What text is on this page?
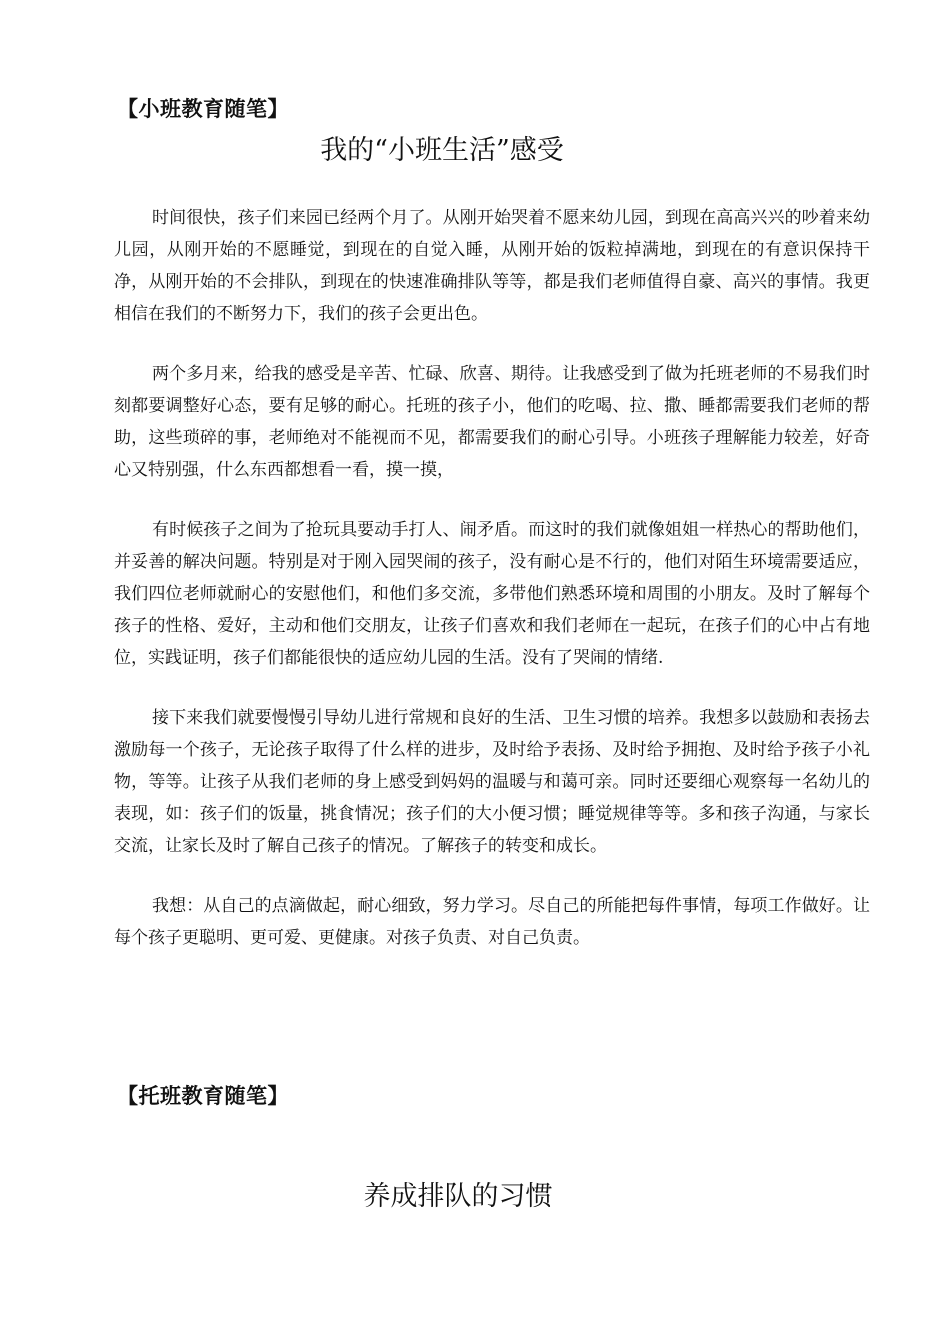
【小班教育随笔】
我的“小班生活”感受

时间很快，孩子们来园已经两个月了。从刚开始哭着不愿来幼儿园，到现在高高兴兴的吵着来幼儿园，从刚开始的不愿睡觉，到现在的自觉入睡，从刚开始的饭粒掉满地，到现在的有意识保持干净，从刚开始的不会排队，到现在的快速准确排队等等，都是我们老师值得自豪、高兴的事情。我更相信在我们的不断努力下，我们的孩子会更出色。

两个多月来，给我的感受是辛苦、忙碌、欣喜、期待。让我感受到了做为托班老师的不易我们时刻都要调整好心态，要有足够的耐心。托班的孩子小，他们的吃喝、拉、撒、睡都需要我们老师的帮助，这些琐碎的事，老师绝对不能视而不见，都需要我们的耐心引导。小班孩子理解能力较差，好奇心又特别强，什么东西都想看一看，摸一摸，

有时候孩子之间为了抢玩具要动手打人、闹矛盾。而这时的我们就像姐姐一样热心的帮助他们，并妥善的解决问题。特别是对于刚入园哭闹的孩子，没有耐心是不行的，他们对陌生环境需要适应，我们四位老师就耐心的安慰他们，和他们多交流，多带他们熟悉环境和周围的小朋友。及时了解每个孩子的性格、爱好，主动和他们交朋友，让孩子们喜欢和我们老师在一起玩，在孩子们的心中占有地位，实践证明，孩子们都能很快的适应幼儿园的生活。没有了哭闹的情绪.

接下来我们就要慢慢引导幼儿进行常规和良好的生活、卫生习惯的培养。我想多以鼓励和表扬去激励每一个孩子，无论孩子取得了什么样的进步，及时给予表扬、及时给予拥抱、及时给予孩子小礼物，等等。让孩子从我们老师的身上感受到妈妈的温暖与和蔼可亲。同时还要细心观察每一名幼儿的表现，如：孩子们的饭量，挑食情况；孩子们的大小便习惯；睡觉规律等等。多和孩子沟通，与家长交流，让家长及时了解自己孩子的情况。了解孩子的转变和成长。

我想：从自己的点滴做起，耐心细致，努力学习。尽自己的所能把每件事情，每项工作做好。让每个孩子更聪明、更可爱、更健康。对孩子负责、对自己负责。

【托班教育随笔】
养成排队的习惯
